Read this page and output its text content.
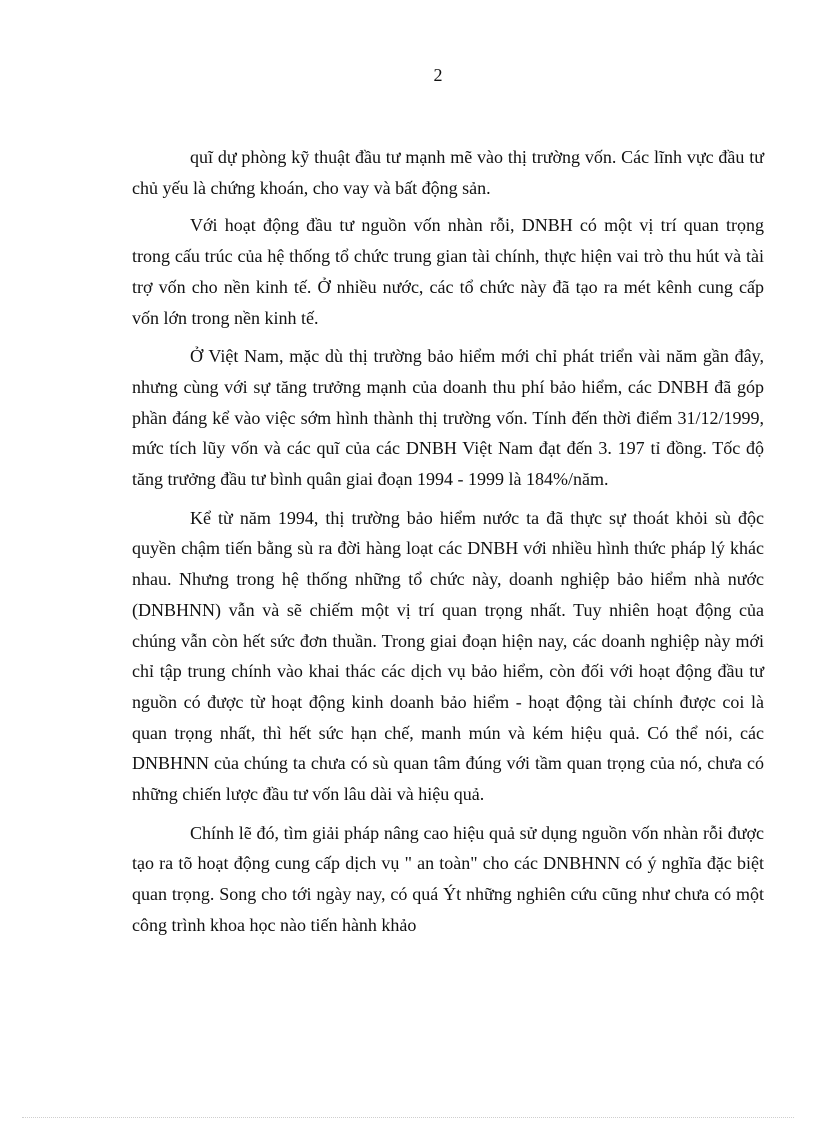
2

quĩ dự phòng kỹ thuật đầu tư mạnh mẽ vào thị trường vốn. Các lĩnh vực đầu tư chủ yếu là chứng khoán, cho vay và bất động sản.

Với hoạt động đầu tư nguồn vốn nhàn rỗi, DNBH có một vị trí quan trọng trong cấu trúc của hệ thống tổ chức trung gian tài chính, thực hiện vai trò thu hút và tài trợ vốn cho nền kinh tế. Ở nhiều nước, các tổ chức này đã tạo ra mét kênh cung cấp vốn lớn trong nền kinh tế.

Ở Việt Nam, mặc dù thị trường bảo hiểm mới chỉ phát triển vài năm gần đây, nhưng cùng với sự tăng trưởng mạnh của doanh thu phí bảo hiểm, các DNBH đã góp phần đáng kể vào việc sớm hình thành thị trường vốn. Tính đến thời điểm 31/12/1999, mức tích lũy vốn và các quĩ của các DNBH Việt Nam đạt đến 3. 197 tỉ đồng. Tốc độ tăng trưởng đầu tư bình quân giai đoạn 1994 - 1999 là 184%/năm.

Kể từ năm 1994, thị trường bảo hiểm nước ta đã thực sự thoát khỏi sù độc quyền chậm tiến bằng sù ra đời hàng loạt các DNBH với nhiều hình thức pháp lý khác nhau. Nhưng trong hệ thống những tổ chức này, doanh nghiệp bảo hiểm nhà nước (DNBHNN) vẫn và sẽ chiếm một vị trí quan trọng nhất. Tuy nhiên hoạt động của chúng vẫn còn hết sức đơn thuần. Trong giai đoạn hiện nay, các doanh nghiệp này mới chỉ tập trung chính vào khai thác các dịch vụ bảo hiểm, còn đối với hoạt động đầu tư nguồn có được từ hoạt động kinh doanh bảo hiểm - hoạt động tài chính được coi là quan trọng nhất, thì hết sức hạn chế, manh mún và kém hiệu quả. Có thể nói, các DNBHNN của chúng ta chưa có sù quan tâm đúng với tầm quan trọng của nó, chưa có những chiến lược đầu tư vốn lâu dài và hiệu quả.

Chính lẽ đó, tìm giải pháp nâng cao hiệu quả sử dụng nguồn vốn nhàn rỗi được tạo ra tõ hoạt động cung cấp dịch vụ " an toàn" cho các DNBHNN có ý nghĩa đặc biệt quan trọng. Song cho tới ngày nay, có quá Ýt những nghiên cứu cũng như chưa có một công trình khoa học nào tiến hành khảo
